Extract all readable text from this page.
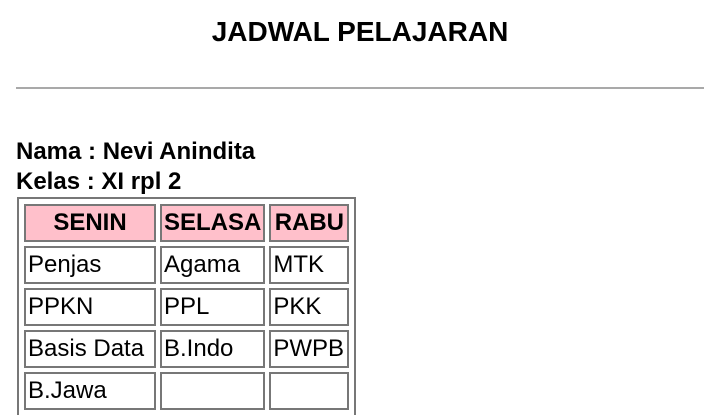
JADWAL PELAJARAN
Nama : Nevi Anindita
Kelas : XI rpl 2
SENIN	SELASA	RABU
Penjas	Agama	MTK
PPKN	PPL	PKK
Basis Data	B.Indo	PWPB
B.Jawa		
